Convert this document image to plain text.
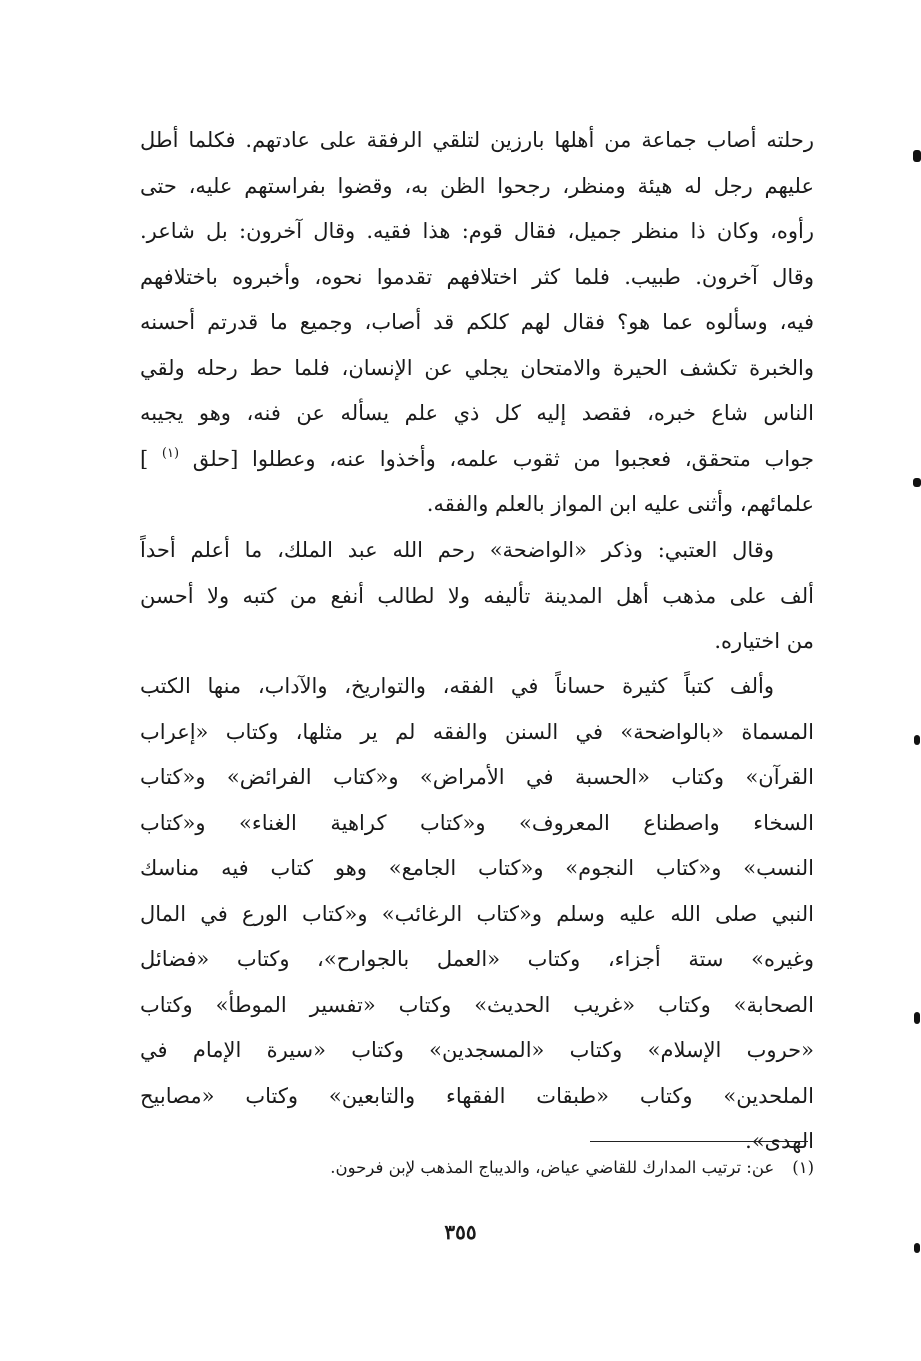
رحلته أصاب جماعة من أهلها بارزين لتلقي الرفقة على عادتهم. فكلما أطل
عليهم رجل له هيئة ومنظر، رجحوا الظن به، وقضوا بفراستهم عليه، حتى
رأوه، وكان ذا منظر جميل، فقال قوم: هذا فقيه. وقال آخرون: بل شاعر.
وقال آخرون. طبيب. فلما كثر اختلافهم تقدموا نحوه، وأخبروه باختلافهم
فيه، وسألوه عما هو؟ فقال لهم كلكم قد أصاب، وجميع ما قدرتم أحسنه
والخبرة تكشف الحيرة والامتحان يجلي عن الإنسان، فلما حط رحله ولقي
الناس شاع خبره، فقصد إليه كل ذي علم يسأله عن فنه، وهو يجيبه
جواب متحقق، فعجبوا من ثقوب علمه، وأخذوا عنه، وعطلوا [حلق $^{(١)}$ ]
علمائهم، وأثنى عليه ابن المواز بالعلم والفقه.
وقال العتبي: وذكر «الواضحة» رحم الله عبد الملك، ما أعلم أحداً
ألف على مذهب أهل المدينة تأليفه ولا لطالب أنفع من كتبه ولا أحسن
من اختياره.
وألف كتباً كثيرة حساناً في الفقه، والتواريخ، والآداب، منها الكتب
المسماة «بالواضحة» في السنن والفقه لم ير مثلها، وكتاب «إعراب
القرآن» وكتاب «الحسبة في الأمراض» و«كتاب الفرائض» و«كتاب
السخاء واصطناع المعروف» و«كتاب كراهية الغناء» و«كتاب
النسب» و«كتاب النجوم» و«كتاب الجامع» وهو كتاب فيه مناسك
النبي صلى الله عليه وسلم و«كتاب الرغائب» و«كتاب الورع في المال
وغيره» ستة أجزاء، وكتاب «العمل بالجوارح»، وكتاب «فضائل
الصحابة» وكتاب «غريب الحديث» وكتاب «تفسير الموطأ» وكتاب
«حروب الإسلام» وكتاب «المسجدين» وكتاب «سيرة الإمام في
الملحدين» وكتاب «طبقات الفقهاء والتابعين» وكتاب «مصابيح
الهدى».
(١)عن: ترتيب المدارك للقاضي عياض، والديباج المذهب لإبن فرحون.
٣٥٥
